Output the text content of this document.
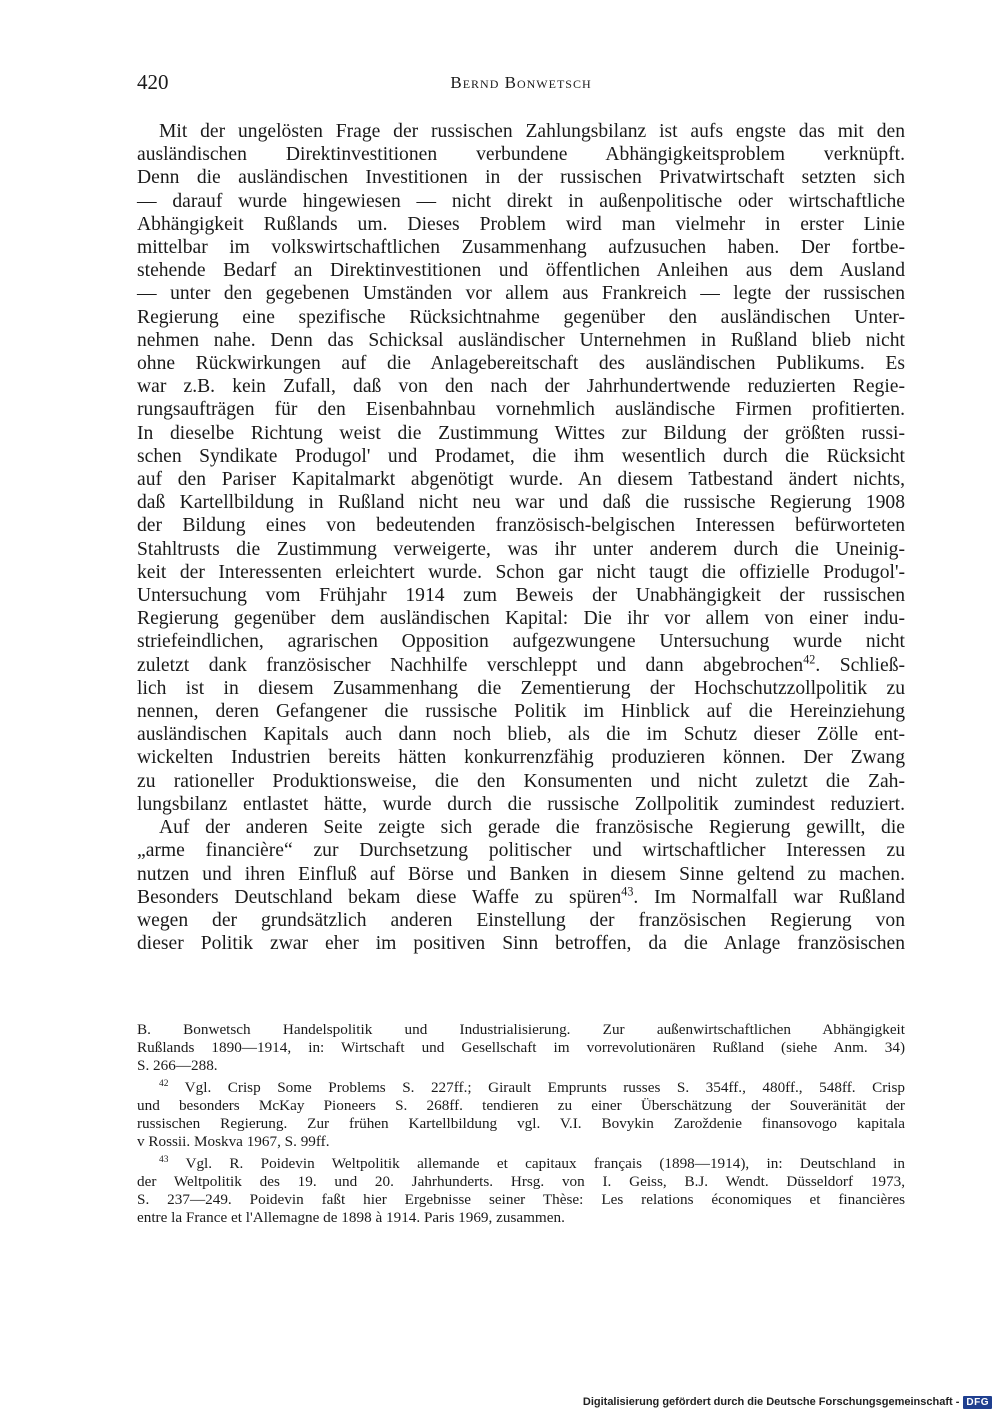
420	Bernd Bonwetsch
Mit der ungelösten Frage der russischen Zahlungsbilanz ist aufs engste das mit den
ausländischen Direktinvestitionen verbundene Abhängigkeitsproblem verknüpft.
Denn die ausländischen Investitionen in der russischen Privatwirtschaft setzten sich
— darauf wurde hingewiesen — nicht direkt in außenpolitische oder wirtschaftliche
Abhängigkeit Rußlands um. Dieses Problem wird man vielmehr in erster Linie
mittelbar im volkswirtschaftlichen Zusammenhang aufzusuchen haben. Der fortbe-
stehende Bedarf an Direktinvestitionen und öffentlichen Anleihen aus dem Ausland
— unter den gegebenen Umständen vor allem aus Frankreich — legte der russischen
Regierung eine spezifische Rücksichtnahme gegenüber den ausländischen Unter-
nehmen nahe. Denn das Schicksal ausländischer Unternehmen in Rußland blieb nicht
ohne Rückwirkungen auf die Anlagebereitschaft des ausländischen Publikums. Es
war z.B. kein Zufall, daß von den nach der Jahrhundertwende reduzierten Regie-
rungsaufträgen für den Eisenbahnbau vornehmlich ausländische Firmen profitierten.
In dieselbe Richtung weist die Zustimmung Wittes zur Bildung der größten russi-
schen Syndikate Produgol' und Prodamet, die ihm wesentlich durch die Rücksicht
auf den Pariser Kapitalmarkt abgenötigt wurde. An diesem Tatbestand ändert nichts,
daß Kartellbildung in Rußland nicht neu war und daß die russische Regierung 1908
der Bildung eines von bedeutenden französisch-belgischen Interessen befürworteten
Stahltrusts die Zustimmung verweigerte, was ihr unter anderem durch die Uneinig-
keit der Interessenten erleichtert wurde. Schon gar nicht taugt die offizielle Produgol'-
Untersuchung vom Frühjahr 1914 zum Beweis der Unabhängigkeit der russischen
Regierung gegenüber dem ausländischen Kapital: Die ihr vor allem von einer indu-
striefeindlichen, agrarischen Opposition aufgezwungene Untersuchung wurde nicht
zuletzt dank französischer Nachhilfe verschleppt und dann abgebrochen$^{42}$. Schließ-
lich ist in diesem Zusammenhang die Zementierung der Hochschutzzollpolitik zu
nennen, deren Gefangener die russische Politik im Hinblick auf die Hereinziehung
ausländischen Kapitals auch dann noch blieb, als die im Schutz dieser Zölle ent-
wickelten Industrien bereits hätten konkurrenzfähig produzieren können. Der Zwang
zu rationeller Produktionsweise, die den Konsumenten und nicht zuletzt die Zah-
lungsbilanz entlastet hätte, wurde durch die russische Zollpolitik zumindest reduziert.
Auf der anderen Seite zeigte sich gerade die französische Regierung gewillt, die
„arme financière“ zur Durchsetzung politischer und wirtschaftlicher Interessen zu
nutzen und ihren Einfluß auf Börse und Banken in diesem Sinne geltend zu machen.
Besonders Deutschland bekam diese Waffe zu spüren$^{43}$. Im Normalfall war Rußland
wegen der grundsätzlich anderen Einstellung der französischen Regierung von
dieser Politik zwar eher im positiven Sinn betroffen, da die Anlage französischen
B. Bonwetsch Handelspolitik und Industrialisierung. Zur außenwirtschaftlichen Abhängigkeit
Rußlands 1890—1914, in: Wirtschaft und Gesellschaft im vorrevolutionären Rußland (siehe Anm. 34)
S. 266—288.
$^{42}$ Vgl. Crisp Some Problems S. 227ff.; Girault Emprunts russes S. 354ff., 480ff., 548ff. Crisp
und besonders McKay Pioneers S. 268ff. tendieren zu einer Überschätzung der Souveränität der
russischen Regierung. Zur frühen Kartellbildung vgl. V.I. Bovykin Zaroždenie finansovogo kapitala
v Rossii. Moskva 1967, S. 99ff.
$^{43}$ Vgl. R. Poidevin Weltpolitik allemande et capitaux français (1898—1914), in: Deutschland in
der Weltpolitik des 19. und 20. Jahrhunderts. Hrsg. von I. Geiss, B.J. Wendt. Düsseldorf 1973,
S. 237—249. Poidevin faßt hier Ergebnisse seiner Thèse: Les relations économiques et financières
entre la France et l'Allemagne de 1898 à 1914. Paris 1969, zusammen.
Digitalisierung gefördert durch die Deutsche Forschungsgemeinschaft - DFG
